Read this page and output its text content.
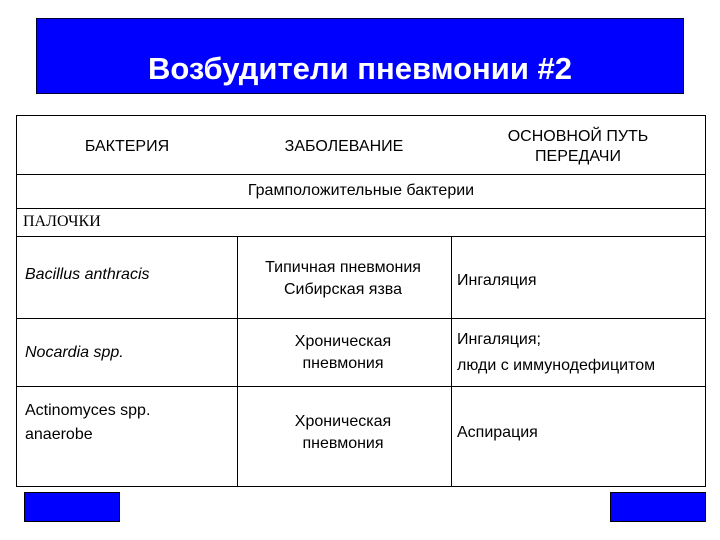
Возбудители пневмонии #2
БАКТЕРИЯ	ЗАБОЛЕВАНИЕ
ОСНОВНОЙ ПУТЬ
ПЕРЕДАЧИ
Грамположительные бактерии
ПАЛОЧКИ
Bacillus anthracis	Типичная пневмония
Сибирская язва
Ингаляция
Nocardia spp.
Хроническая
пневмония
Ингаляция;
люди с иммунодефицитом
Actinomyces spp.
anaerobe
Хроническая
пневмония
Аспирация
